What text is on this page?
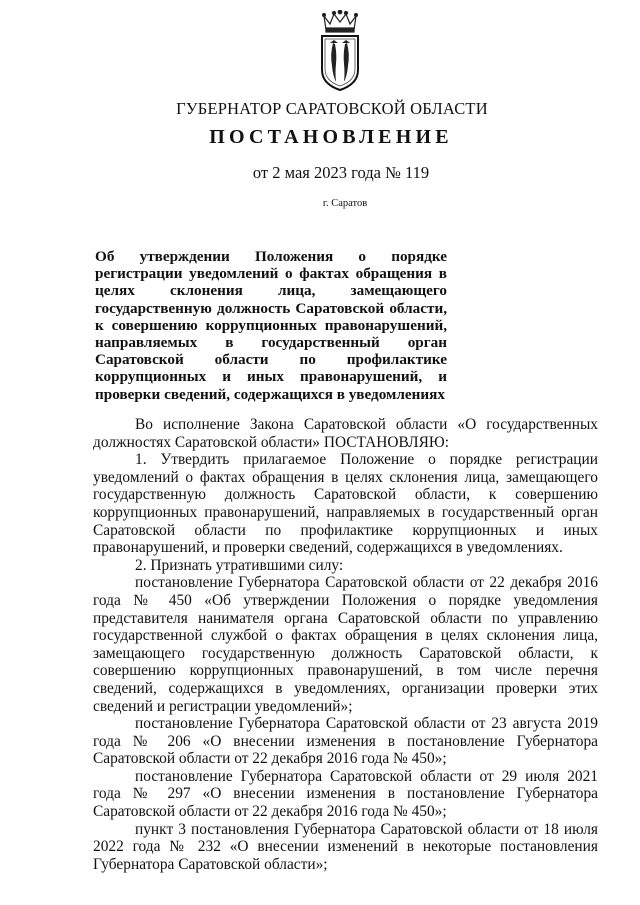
ГУБЕРНАТОР САРАТОВСКОЙ ОБЛАСТИ
ПОСТАНОВЛЕНИЕ
от 2 мая 2023 года № 119
г. Саратов
Об утверждении Положения о порядке регистрации уведомлений о фактах обращения в целях склонения лица, замещающего государственную должность Саратовской области, к совершению коррупционных правонарушений, направляемых в государственный орган Саратовской области по профилактике коррупционных и иных правонарушений, и проверки сведений, содержащихся в уведомлениях

Во исполнение Закона Саратовской области «О государственных должностях Саратовской области» ПОСТАНОВЛЯЮ:

1. Утвердить прилагаемое Положение о порядке регистрации уведомлений о фактах обращения в целях склонения лица, замещающего государственную должность Саратовской области, к совершению коррупционных правонарушений, направляемых в государственный орган Саратовской области по профилактике коррупционных и иных правонарушений, и проверки сведений, содержащихся в уведомлениях.

2. Признать утратившими силу:

постановление Губернатора Саратовской области от 22 декабря 2016 года № 450 «Об утверждении Положения о порядке уведомления представителя нанимателя органа Саратовской области по управлению государственной службой о фактах обращения в целях склонения лица, замещающего государственную должность Саратовской области, к совершению коррупционных правонарушений, в том числе перечня сведений, содержащихся в уведомлениях, организации проверки этих сведений и регистрации уведомлений»;

постановление Губернатора Саратовской области от 23 августа 2019 года № 206 «О внесении изменения в постановление Губернатора Саратовской области от 22 декабря 2016 года № 450»;

постановление Губернатора Саратовской области от 29 июля 2021 года № 297 «О внесении изменения в постановление Губернатора Саратовской области от 22 декабря 2016 года № 450»;

пункт 3 постановления Губернатора Саратовской области от 18 июля 2022 года № 232 «О внесении изменений в некоторые постановления Губернатора Саратовской области»;
